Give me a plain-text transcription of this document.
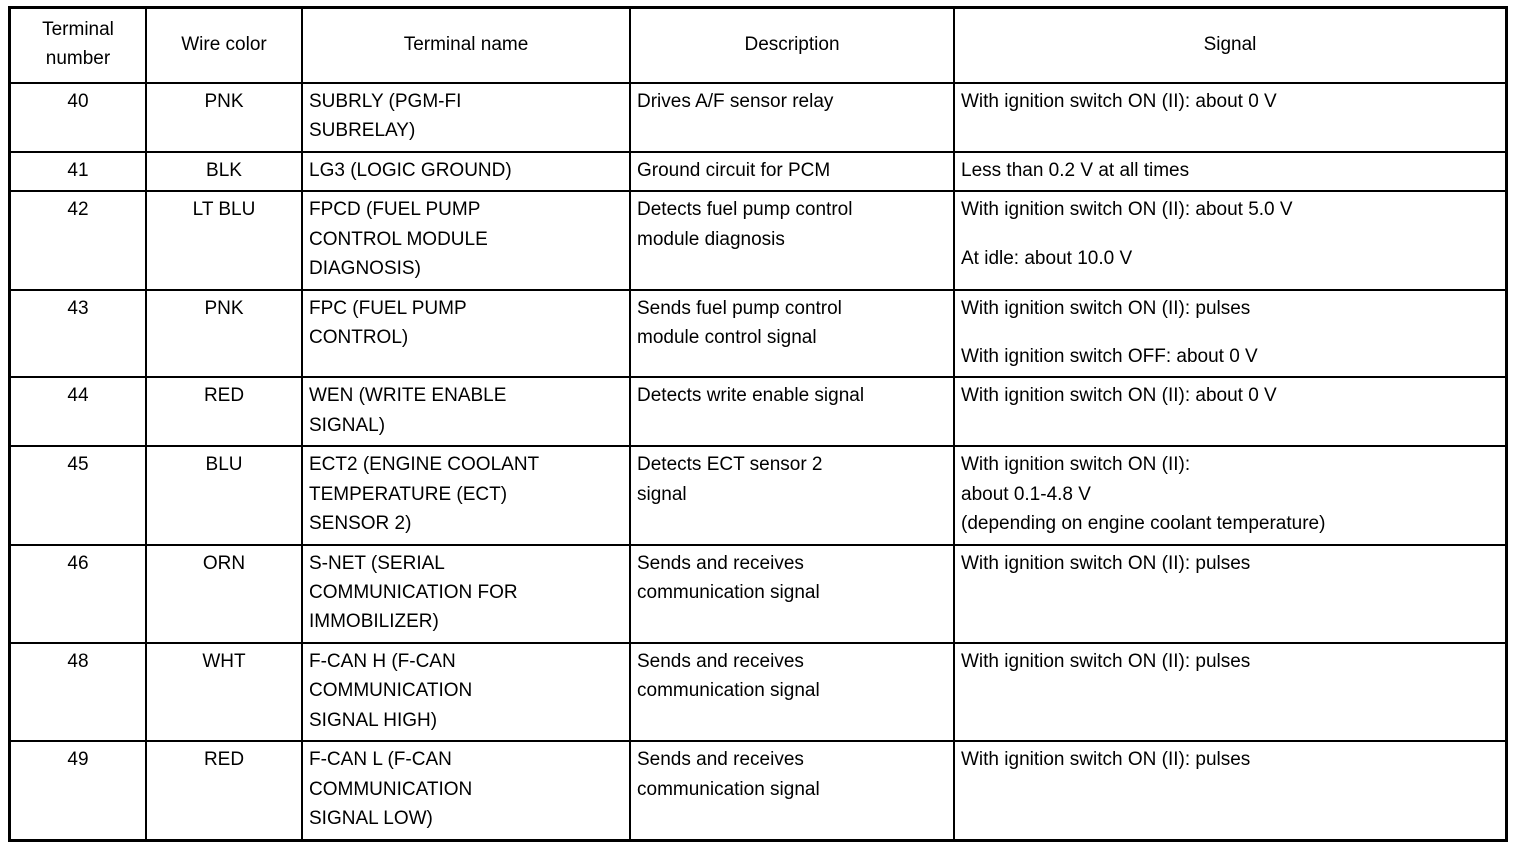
Terminal
number	Wire color	Terminal name	Description	Signal

40	PNK	SUBRLY (PGM-FI
SUBRELAY)	Drives A/F sensor relay	With ignition switch ON (II): about 0 V

41	BLK	LG3 (LOGIC GROUND)	Ground circuit for PCM	Less than 0.2 V at all times

42	LT BLU	FPCD (FUEL PUMP
CONTROL MODULE
DIAGNOSIS)	Detects fuel pump control
module diagnosis	With ignition switch ON (II): about 5.0 V
At idle: about 10.0 V

43	PNK	FPC (FUEL PUMP
CONTROL)	Sends fuel pump control
module control signal	With ignition switch ON (II): pulses
With ignition switch OFF: about 0 V

44	RED	WEN (WRITE ENABLE
SIGNAL)	Detects write enable signal	With ignition switch ON (II): about 0 V

45	BLU	ECT2 (ENGINE COOLANT
TEMPERATURE (ECT)
SENSOR 2)	Detects ECT sensor 2
signal	With ignition switch ON (II):
about 0.1-4.8 V
(depending on engine coolant temperature)

46	ORN	S-NET (SERIAL
COMMUNICATION FOR
IMMOBILIZER)	Sends and receives
communication signal	With ignition switch ON (II): pulses

48	WHT	F-CAN H (F-CAN
COMMUNICATION
SIGNAL HIGH)	Sends and receives
communication signal	With ignition switch ON (II): pulses

49	RED	F-CAN L (F-CAN
COMMUNICATION
SIGNAL LOW)	Sends and receives
communication signal	With ignition switch ON (II): pulses
